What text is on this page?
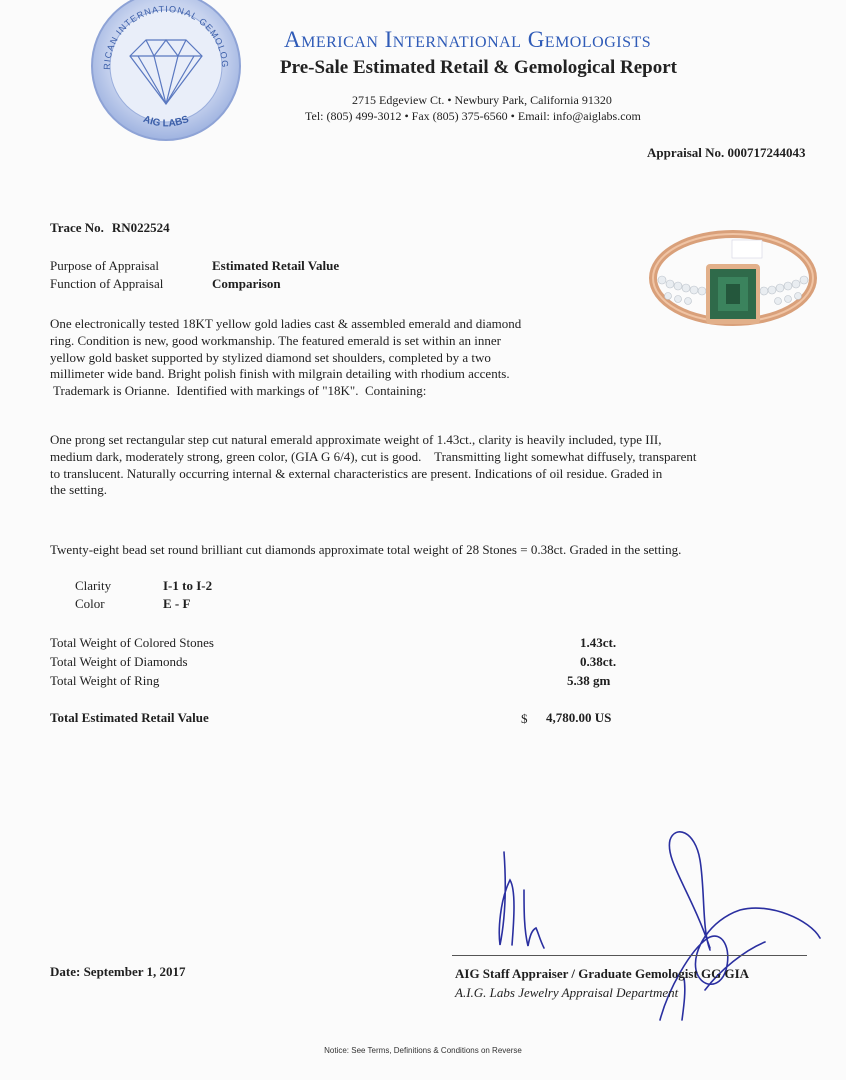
RICAN INTERNATIONAL GEMOLOG
AIG LABS
American International Gemologists
Pre-Sale Estimated Retail & Gemological Report
2715 Edgeview Ct. • Newbury Park, California 91320
Tel: (805) 499-3012 • Fax (805) 375-6560 • Email: info@aiglabs.com
Appraisal No. 000717244043
Trace No. RN022524
Purpose of Appraisal	Estimated Retail Value
Function of Appraisal	Comparison
One electronically tested 18KT yellow gold ladies cast & assembled emerald and diamond
ring. Condition is new, good workmanship. The featured emerald is set within an inner
yellow gold basket supported by stylized diamond set shoulders, completed by a two
millimeter wide band. Bright polish finish with milgrain detailing with rhodium accents.
Trademark is Orianne.  Identified with markings of "18K".  Containing:
One prong set rectangular step cut natural emerald approximate weight of 1.43ct., clarity is heavily included, type III,
medium dark, moderately strong, green color, (GIA G 6/4), cut is good.    Transmitting light somewhat diffusely, transparent
to translucent. Naturally occurring internal & external characteristics are present. Indications of oil residue. Graded in
the setting.
Twenty-eight bead set round brilliant cut diamonds approximate total weight of 28 Stones = 0.38ct. Graded in the setting.
Clarity	I-1 to I-2
Color	E - F
Total Weight of Colored Stones	1.43ct.
Total Weight of Diamonds	0.38ct.
Total Weight of Ring	5.38 gm
Total Estimated Retail Value	$ 4,780.00 US
Date: September 1, 2017	AIG Staff Appraiser / Graduate Gemologist GG GIA
A.I.G. Labs Jewelry Appraisal Department
Notice: See Terms, Definitions & Conditions on Reverse
